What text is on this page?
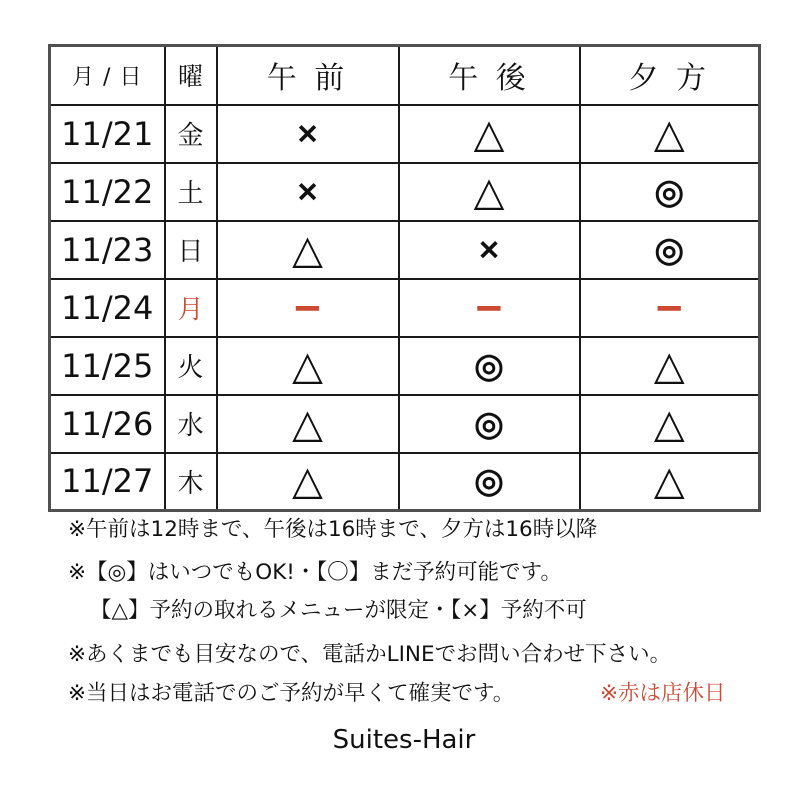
月 / 日	曜	午 前	午 後	夕 方
11/21	金	×	△	△
11/22	土	×	△	◎
11/23	日	△	×	◎
11/24	月	−	−	−
11/25	火	△	◎	△
11/26	水	△	◎	△
11/27	木	△	◎	△
※午前は12時まで、午後は16時まで、夕方は16時以降
※【◎】はいつでもOK!・【〇】まだ予約可能です。
【△】予約の取れるメニューが限定・【×】予約不可
※あくまでも目安なので、電話かLINEでお問い合わせ下さい。
※当日はお電話でのご予約が早くて確実です。	※赤は店休日
Suites-Hair
